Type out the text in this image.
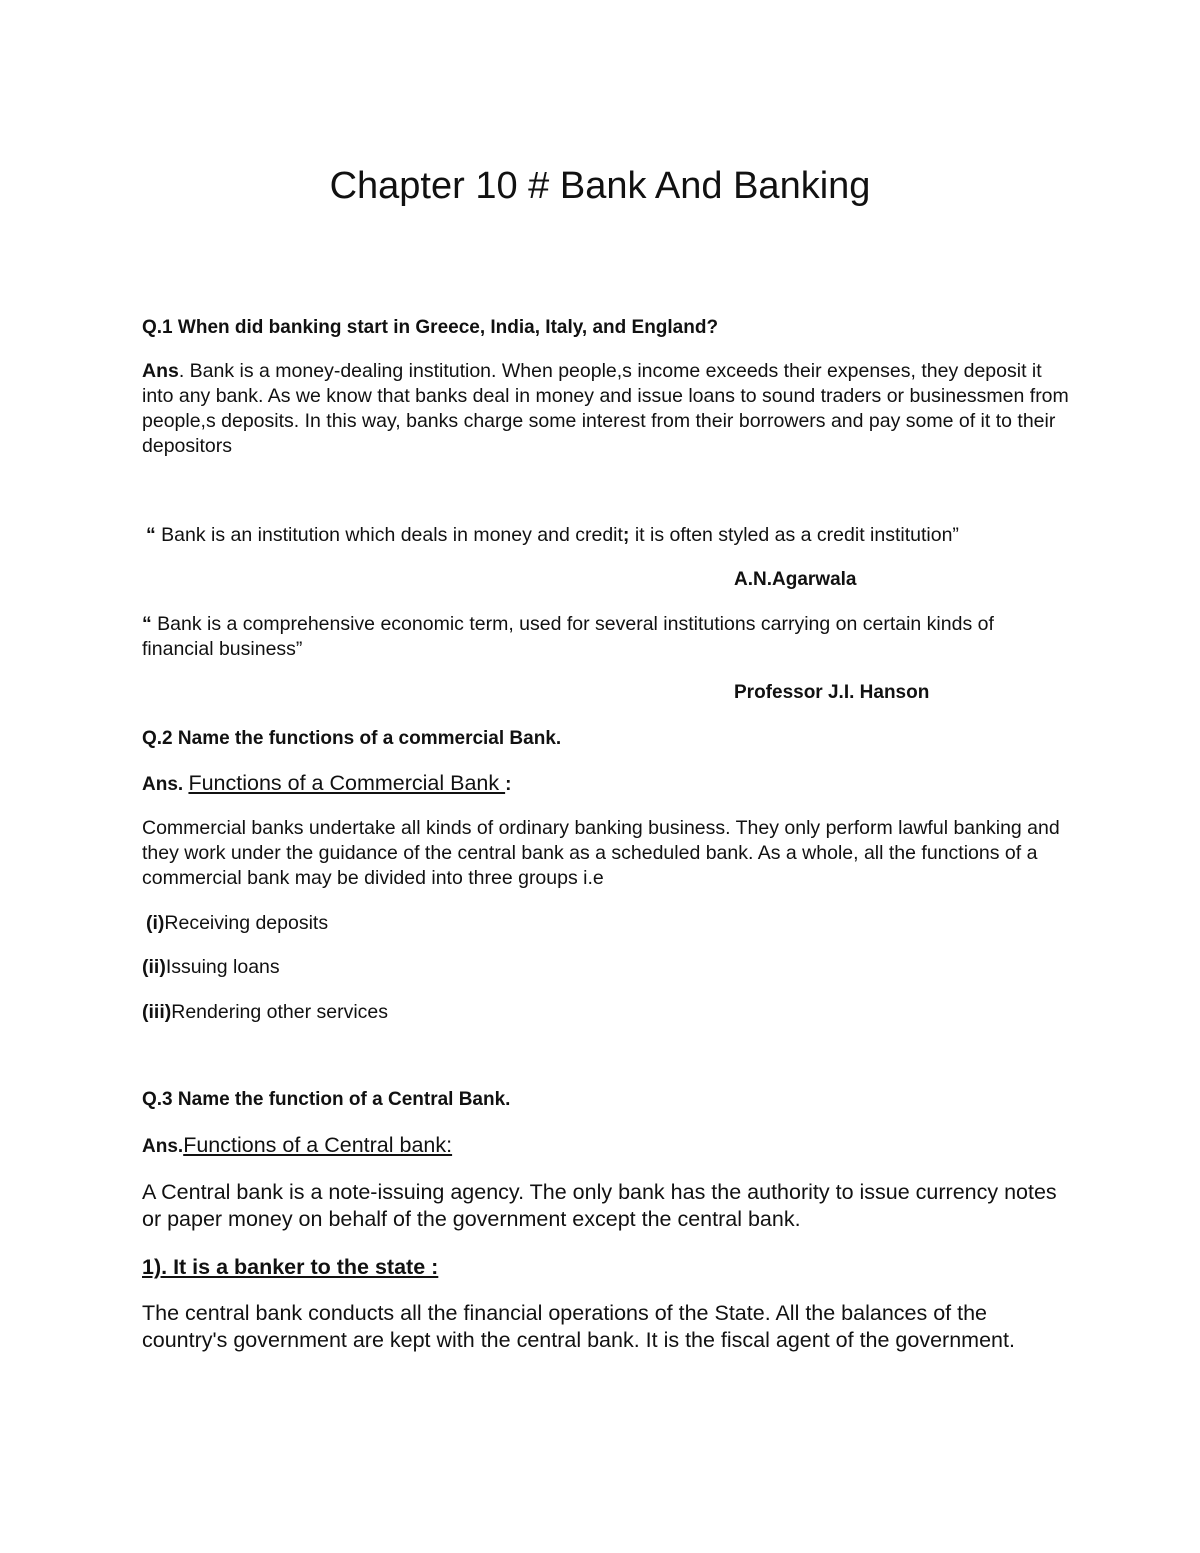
Chapter 10 # Bank And Banking
Q.1 When did banking start in Greece, India, Italy, and England?

Ans. Bank is a money-dealing institution. When people,s income exceeds their expenses, they deposit it into any bank. As we know that banks deal in money and issue loans to sound traders or businessmen from people,s deposits. In this way, banks charge some interest from their borrowers and pay some of it to their depositors

“ Bank is an institution which deals in money and credit; it is often styled as a credit institution”

A.N.Agarwala

“ Bank is a comprehensive economic term, used for several institutions carrying on certain kinds of financial business”

Professor J.I. Hanson
Q.2 Name the functions of a commercial Bank.
Ans. Functions of a Commercial Bank :

Commercial banks undertake all kinds of ordinary banking business. They only perform lawful banking and they work under the guidance of the central bank as a scheduled bank. As a whole, all the functions of a commercial bank may be divided into three groups i.e

(i)Receiving deposits
(ii)Issuing loans
(iii)Rendering other services
Q.3 Name the function of a Central Bank.
Ans.Functions of a Central bank:

A Central bank is a note-issuing agency. The only bank has the authority to issue currency notes or paper money on behalf of the government except the central bank.

1). It is a banker to the state :

The central bank conducts all the financial operations of the State. All the balances of the country's government are kept with the central bank. It is the fiscal agent of the government.
